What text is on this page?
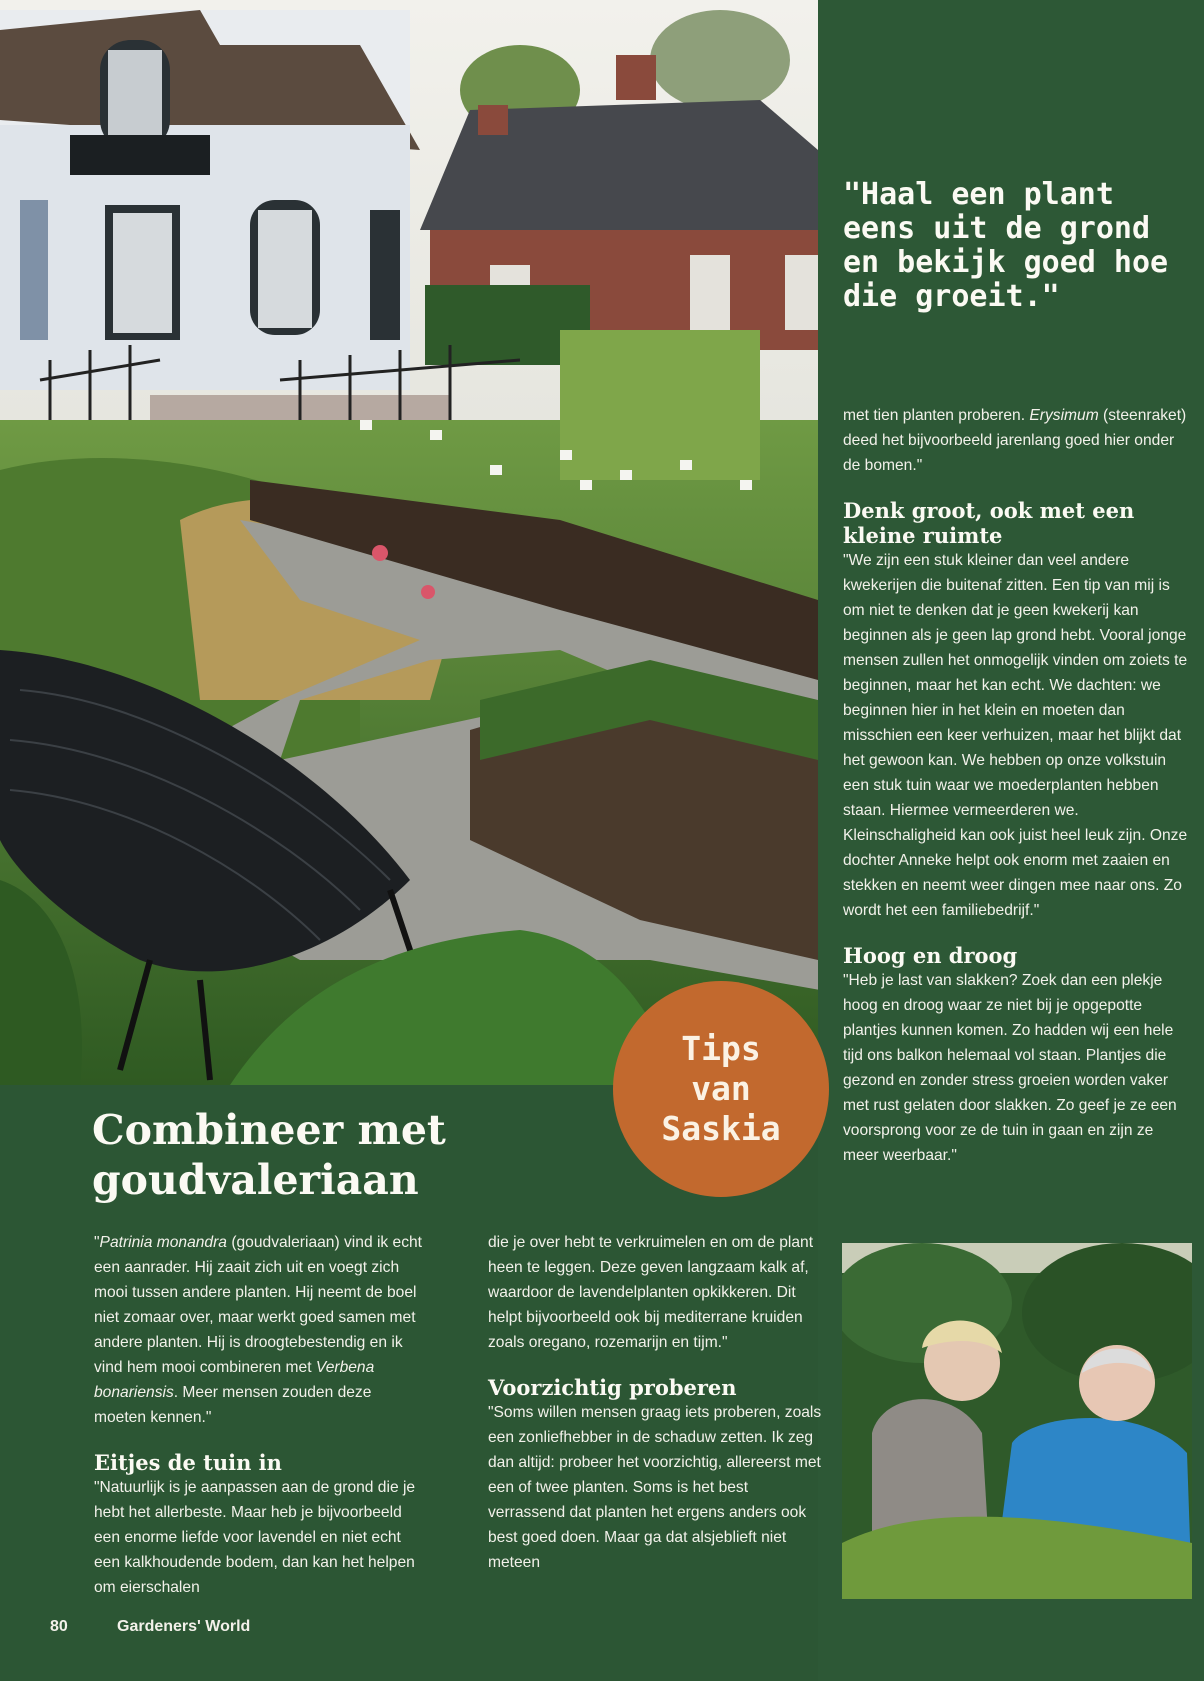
"Haal een plant eens uit de grond en bekijk goed hoe die groeit."

met tien planten proberen. Erysimum (steenraket) deed het bijvoorbeeld jarenlang goed hier onder de bomen."

Denk groot, ook met een kleine ruimte

"We zijn een stuk kleiner dan veel andere kwekerijen die buitenaf zitten. Een tip van mij is om niet te denken dat je geen kwekerij kan beginnen als je geen lap grond hebt. Vooral jonge mensen zullen het onmogelijk vinden om zoiets te beginnen, maar het kan echt. We dachten: we beginnen hier in het klein en moeten dan misschien een keer verhuizen, maar het blijkt dat het gewoon kan. We hebben op onze volkstuin een stuk tuin waar we moederplanten hebben staan. Hiermee vermeerderen we. Kleinschaligheid kan ook juist heel leuk zijn. Onze dochter Anneke helpt ook enorm met zaaien en stekken en neemt weer dingen mee naar ons. Zo wordt het een familiebedrijf."

Hoog en droog

"Heb je last van slakken? Zoek dan een plekje hoog en droog waar ze niet bij je opgepotte plantjes kunnen komen. Zo hadden wij een hele tijd ons balkon helemaal vol staan. Plantjes die gezond en zonder stress groeien worden vaker met rust gelaten door slakken. Zo geef je ze een voorsprong voor ze de tuin in gaan en zijn ze meer weerbaar."

Combineer met goudvaleriaan
Tips
van
Saskia

"Patrinia monandra (goudvaleriaan) vind ik echt een aanrader. Hij zaait zich uit en voegt zich mooi tussen andere planten. Hij neemt de boel niet zomaar over, maar werkt goed samen met andere planten. Hij is droogtebestendig en ik vind hem mooi combineren met Verbena bonariensis. Meer mensen zouden deze moeten kennen."

Eitjes de tuin in

"Natuurlijk is je aanpassen aan de grond die je hebt het allerbeste. Maar heb je bijvoorbeeld een enorme liefde voor lavendel en niet echt een kalkhoudende bodem, dan kan het helpen om eierschalen

die je over hebt te verkruimelen en om de plant heen te leggen. Deze geven langzaam kalk af, waardoor de lavendelplanten opkikkeren. Dit helpt bijvoorbeeld ook bij mediterrane kruiden zoals oregano, rozemarijn en tijm."

Voorzichtig proberen

"Soms willen mensen graag iets proberen, zoals een zonliefhebber in de schaduw zetten. Ik zeg dan altijd: probeer het voorzichtig, allereerst met een of twee planten. Soms is het best verrassend dat planten het ergens anders ook best goed doen. Maar ga dat alsjeblieft niet meteen

80	Gardeners' World
